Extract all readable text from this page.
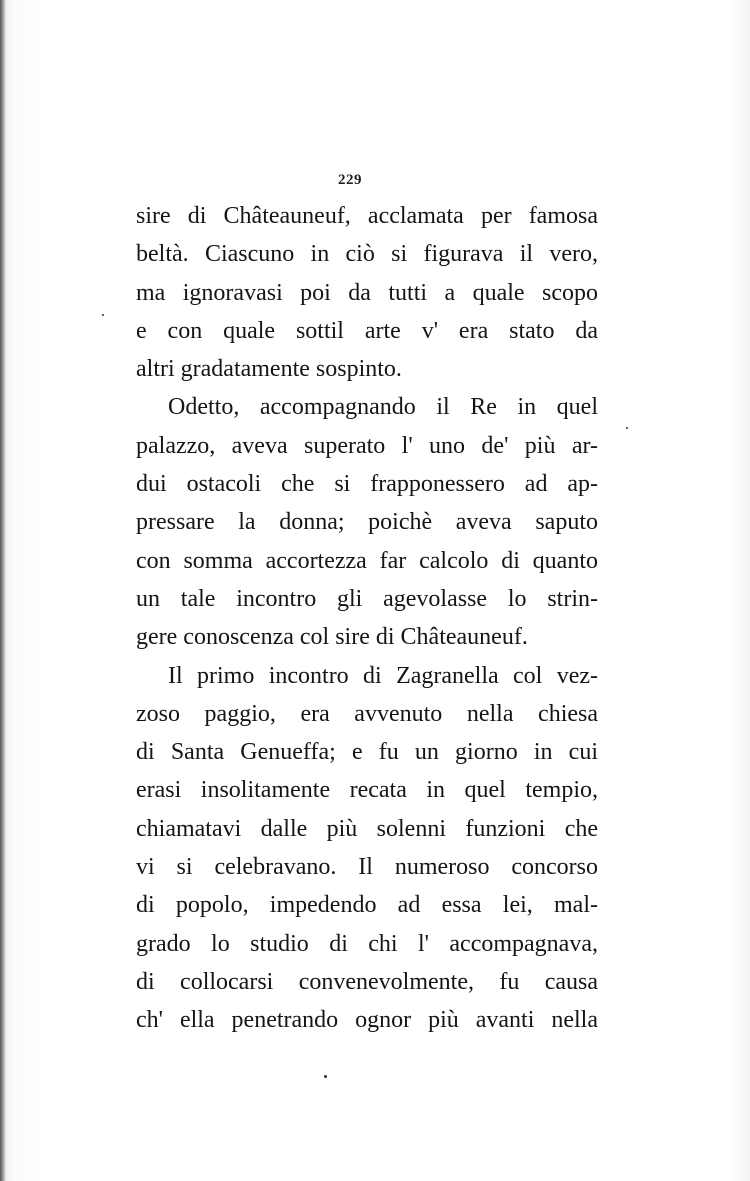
229
sire di Châteauneuf, acclamata per famosa
beltà. Ciascuno in ciò si figurava il vero,
ma ignoravasi poi da tutti a quale scopo
e con quale sottil arte v' era stato da
altri gradatamente sospinto.
Odetto, accompagnando il Re in quel
palazzo, aveva superato l' uno de' più ar-
dui ostacoli che si frapponessero ad ap-
pressare la donna; poichè aveva saputo
con somma accortezza far calcolo di quanto
un tale incontro gli agevolasse lo strin-
gere conoscenza col sire di Châteauneuf.
Il primo incontro di Zagranella col vez-
zoso paggio, era avvenuto nella chiesa
di Santa Genueffa; e fu un giorno in cui
erasi insolitamente recata in quel tempio,
chiamatavi dalle più solenni funzioni che
vi si celebravano. Il numeroso concorso
di popolo, impedendo ad essa lei, mal-
grado lo studio di chi l' accompagnava,
di collocarsi convenevolmente, fu causa
ch' ella penetrando ognor più avanti nella
